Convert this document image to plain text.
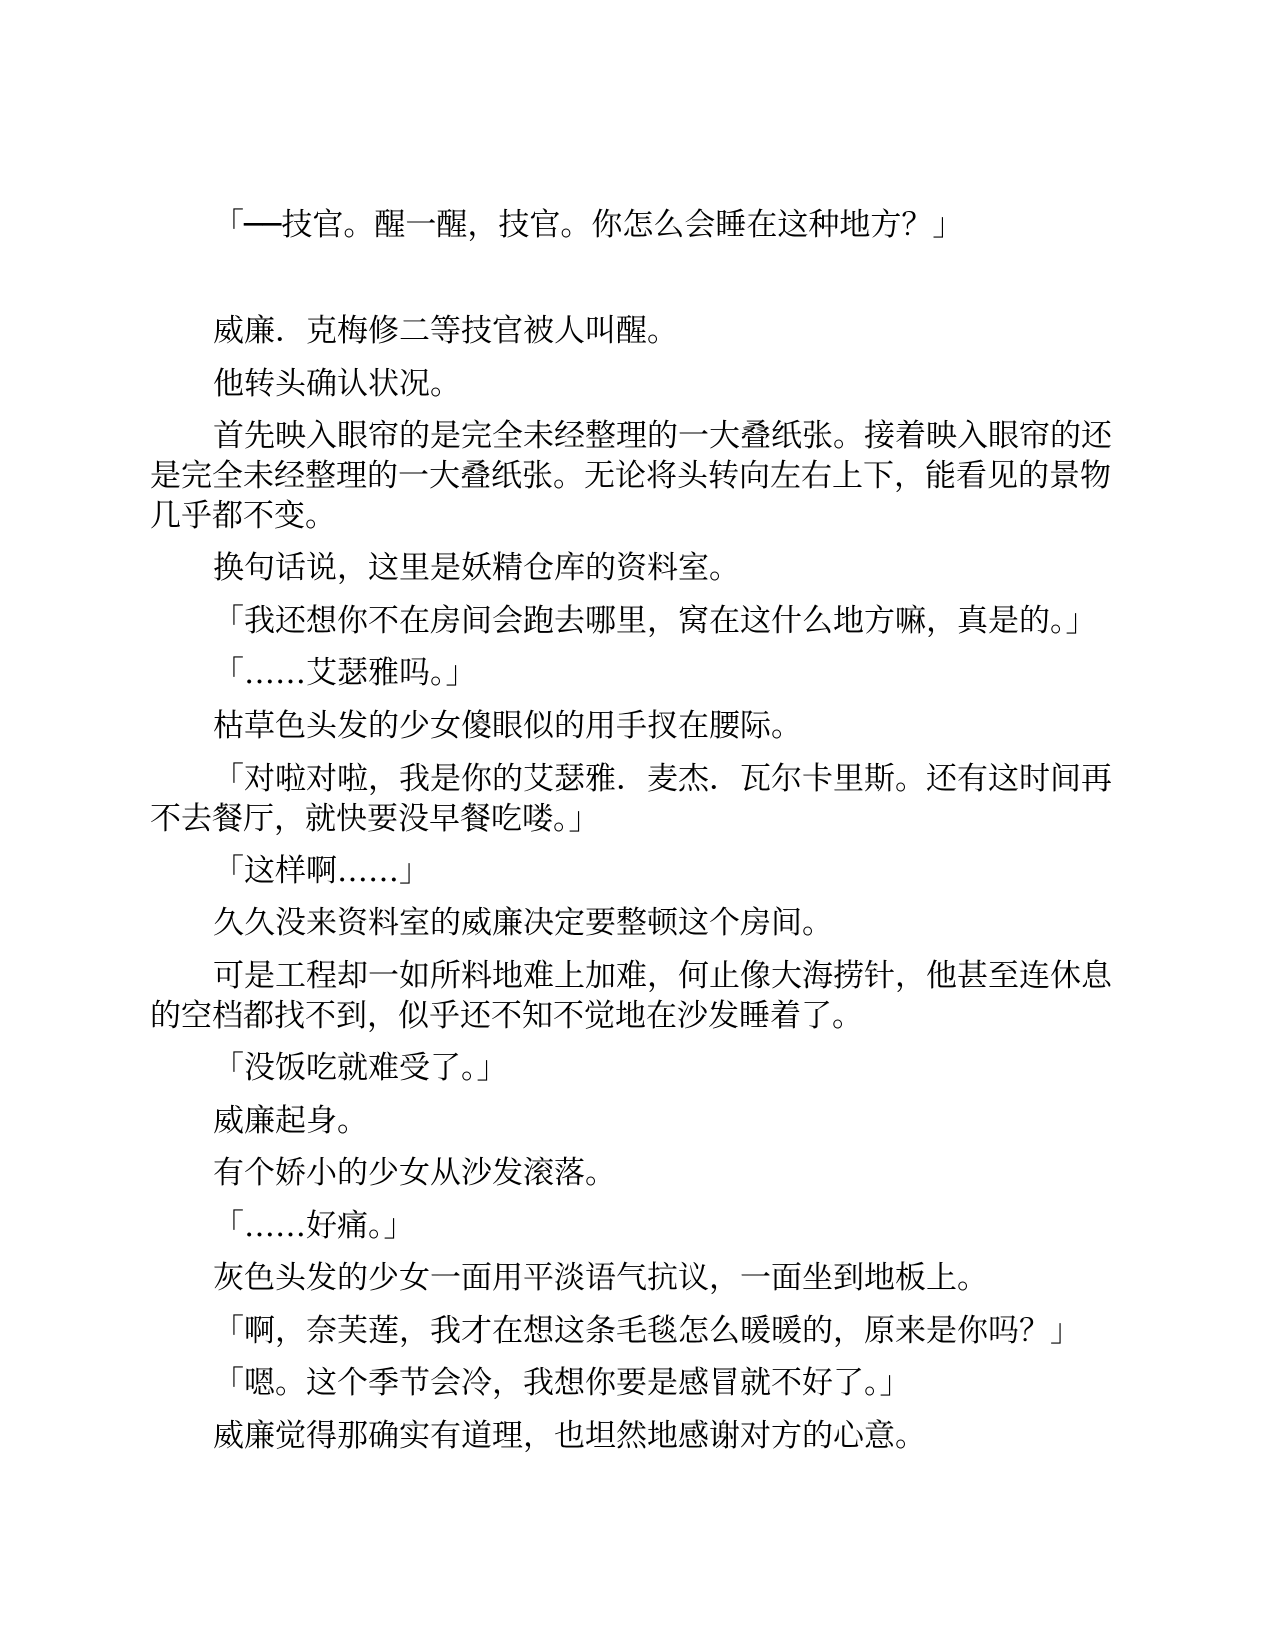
「──技官。醒一醒，技官。你怎么会睡在这种地方？」
威廉．克梅修二等技官被人叫醒。
他转头确认状况。
首先映入眼帘的是完全未经整理的一大叠纸张。接着映入眼帘的还
是完全未经整理的一大叠纸张。无论将头转向左右上下，能看见的景物
几乎都不变。
换句话说，这里是妖精仓库的资料室。
「我还想你不在房间会跑去哪里，窝在这什么地方嘛，真是的。」
「……艾瑟雅吗。」
枯草色头发的少女傻眼似的用手扠在腰际。
「对啦对啦，我是你的艾瑟雅．麦杰．瓦尔卡里斯。还有这时间再
不去餐厅，就快要没早餐吃喽。」
「这样啊……」
久久没来资料室的威廉决定要整顿这个房间。
可是工程却一如所料地难上加难，何止像大海捞针，他甚至连休息
的空档都找不到，似乎还不知不觉地在沙发睡着了。
「没饭吃就难受了。」
威廉起身。
有个娇小的少女从沙发滚落。
「……好痛。」
灰色头发的少女一面用平淡语气抗议，一面坐到地板上。
「啊，奈芙莲，我才在想这条毛毯怎么暖暖的，原来是你吗？」
「嗯。这个季节会冷，我想你要是感冒就不好了。」
威廉觉得那确实有道理，也坦然地感谢对方的心意。
